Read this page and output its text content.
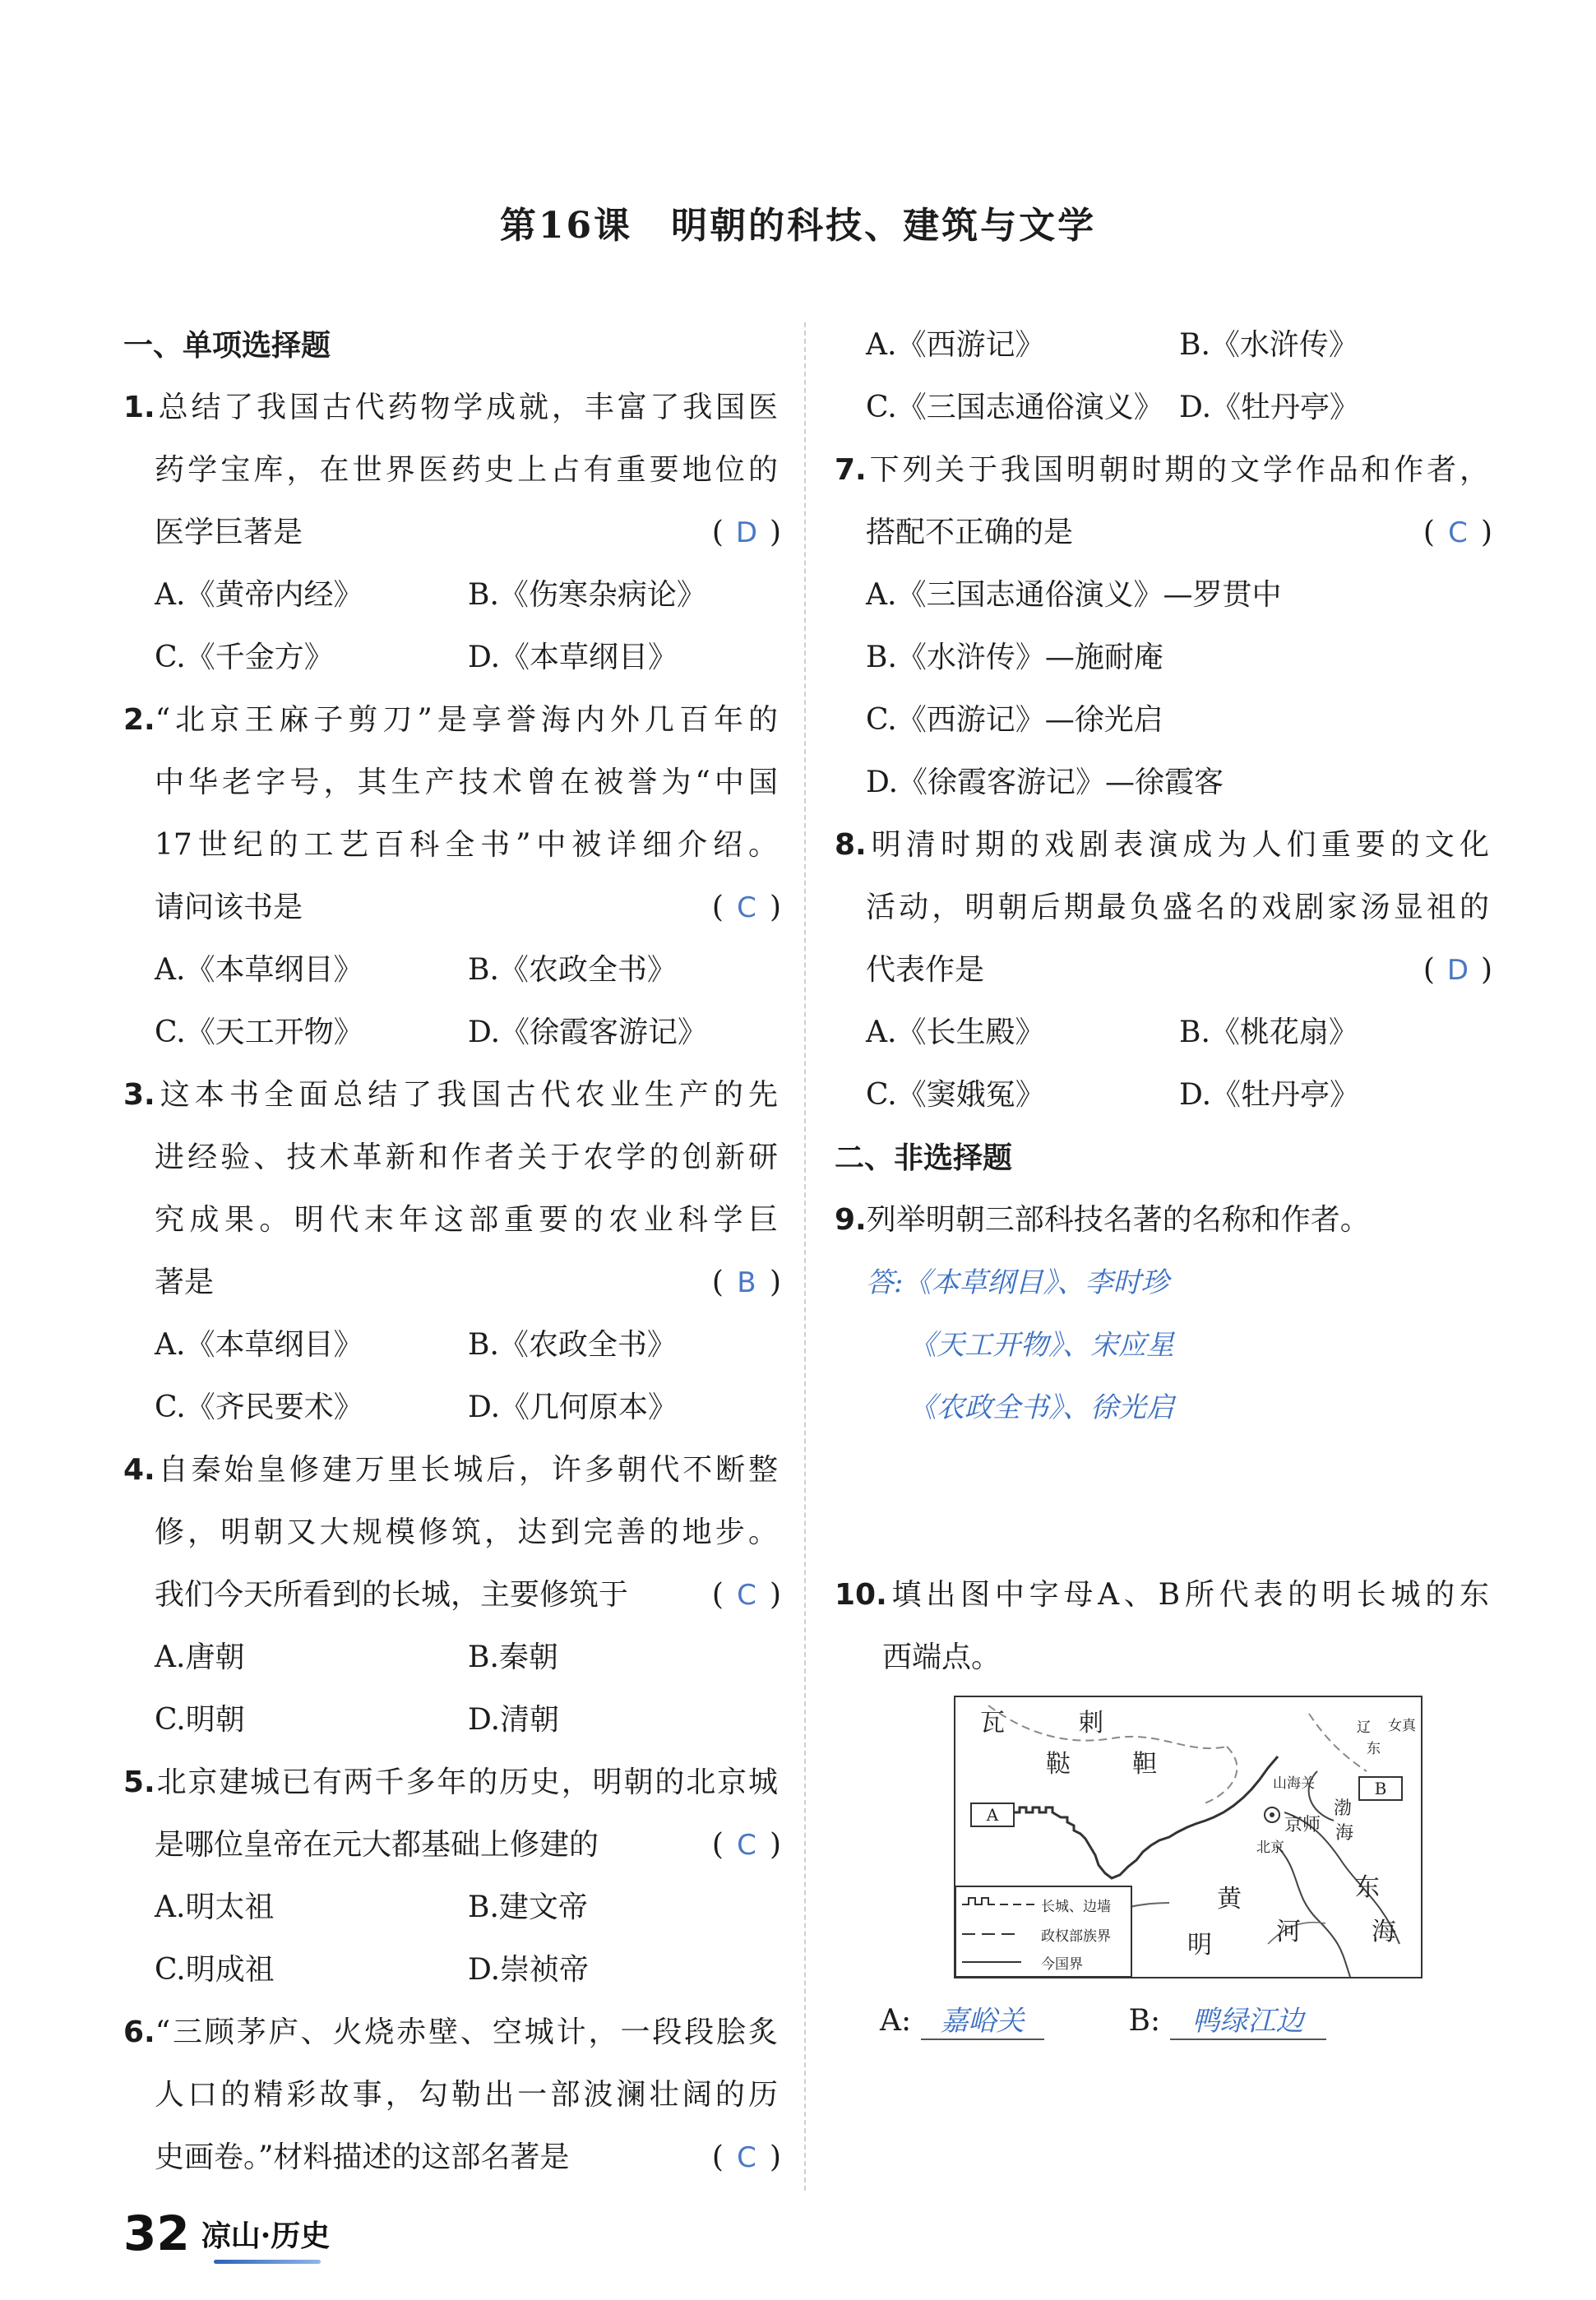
第16课　明朝的科技、建筑与文学
一、单项选择题
1.总结了我国古代药物学成就，丰富了我国医
药学宝库，在世界医药史上占有重要地位的
医学巨著是	( D )
A.《黄帝内经》	B.《伤寒杂病论》
C.《千金方》	D.《本草纲目》
2.“北京王麻子剪刀”是享誉海内外几百年的
中华老字号，其生产技术曾在被誉为“中国
17世纪的工艺百科全书”中被详细介绍。
请问该书是	( C )
A.《本草纲目》	B.《农政全书》
C.《天工开物》	D.《徐霞客游记》
3.这本书全面总结了我国古代农业生产的先
进经验、技术革新和作者关于农学的创新研
究成果。明代末年这部重要的农业科学巨
著是	( B )
A.《本草纲目》	B.《农政全书》
C.《齐民要术》	D.《几何原本》
4.自秦始皇修建万里长城后，许多朝代不断整
修，明朝又大规模修筑，达到完善的地步。
我们今天所看到的长城，主要修筑于	( C )
A.唐朝	B.秦朝
C.明朝	D.清朝
5.北京建城已有两千多年的历史，明朝的北京城
是哪位皇帝在元大都基础上修建的	( C )
A.明太祖	B.建文帝
C.明成祖	D.崇祯帝
6.“三顾茅庐、火烧赤壁、空城计，一段段脍炙
人口的精彩故事，勾勒出一部波澜壮阔的历
史画卷。”材料描述的这部名著是	( C )
A.《西游记》	B.《水浒传》
C.《三国志通俗演义》 D.《牡丹亭》
7.下列关于我国明朝时期的文学作品和作者，
搭配不正确的是	( C )
A.《三国志通俗演义》—罗贯中
B.《水浒传》—施耐庵
C.《西游记》—徐光启
D.《徐霞客游记》—徐霞客
8.明清时期的戏剧表演成为人们重要的文化
活动，明朝后期最负盛名的戏剧家汤显祖的
代表作是	( D )
A.《长生殿》	B.《桃花扇》
C.《窦娥冤》	D.《牡丹亭》
二、非选择题
9.列举明朝三部科技名著的名称和作者。
答:《本草纲目》、李时珍
《天工开物》、宋应星
《农政全书》、徐光启
10.填出图中字母A、B所代表的明长城的东
西端点。
瓦	剌
鞑	靼
明
东
海
黄
河
山海关
京师
北京
渤
海
辽
东
女真
A
B
长城、边墙
政权部族界
今国界
A: 嘉峪关	B: 鸭绿江边
32 凉山·历史
